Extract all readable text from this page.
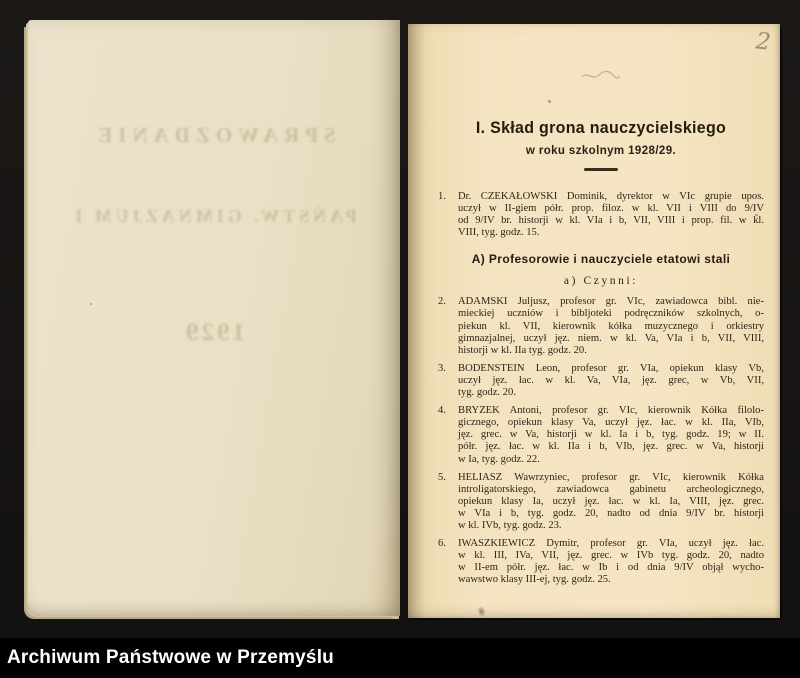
SPRAWOZDANIE
PAŃSTW. GIMNAZJUM I
1929
2
I. Skład grona nauczycielskiego
w roku szkolnym 1928/29.
1.	Dr. CZEKAŁOWSKI Dominik, dyrektor w VIc grupie upos.
uczył w II-giem półr. prop. filoz. w kl. VII i VIII do 9/IV
od 9/IV br. historji w kl. VIa i b, VII, VIII i prop. fil. w kl.
VIII, tyg. godz. 15.
A) Profesorowie i nauczyciele etatowi stali
a) Czynni:
2.	ADAMSKI Juljusz, profesor gr. VIc, zawiadowca bibl. nie-
mieckiej uczniów i bibljoteki podręczników szkolnych, o-
piekun kl. VII, kierownik kółka muzycznego i orkiestry
gimnazjalnej, uczył jęz. niem. w kl. Va, VIa i b, VII, VIII,
historji w kl. IIa tyg. godz. 20.
3.	BODENSTEIN Leon, profesor gr. VIa, opiekun klasy Vb,
uczył jęz. łac. w kl. Va, VIa, jęz. grec, w Vb, VII,
tyg. godz. 20.
4.	BRYZEK Antoni, profesor gr. VIc, kierownik Kółka filolo-
gicznego, opiekun klasy Va, uczył jęz. łac. w kl. IIa, VIb,
jęz. grec. w Va, historji w kl. Ia i b, tyg. godz. 19; w II.
półr. jęz. łac. w kl. IIa i b, VIb, jęz. grec. w Va, historji
w Ia, tyg. godz. 22.
5.	HELIASZ Wawrzyniec, profesor gr. VIc, kierownik Kółka
introligatorskiego, zawiadowca gabinetu archeologicznego,
opiekun klasy Ia, uczył jęz. łac. w kl. Ia, VIII, jęz. grec.
w VIa i b, tyg. godz. 20, nadto od dnia 9/IV br. historji
w kl. IVb, tyg. godz. 23.
6.	IWASZKIEWICZ Dymitr, profesor gr. VIa, uczył jęz. łac.
w kl. III, IVa, VII, jęz. grec. w IVb tyg. godz. 20, nadto
w II-em półr. jęz. łac. w Ib i od dnia 9/IV objął wycho-
wawstwo klasy III-ej, tyg. godz. 25.
Archiwum Państwowe w Przemyślu
